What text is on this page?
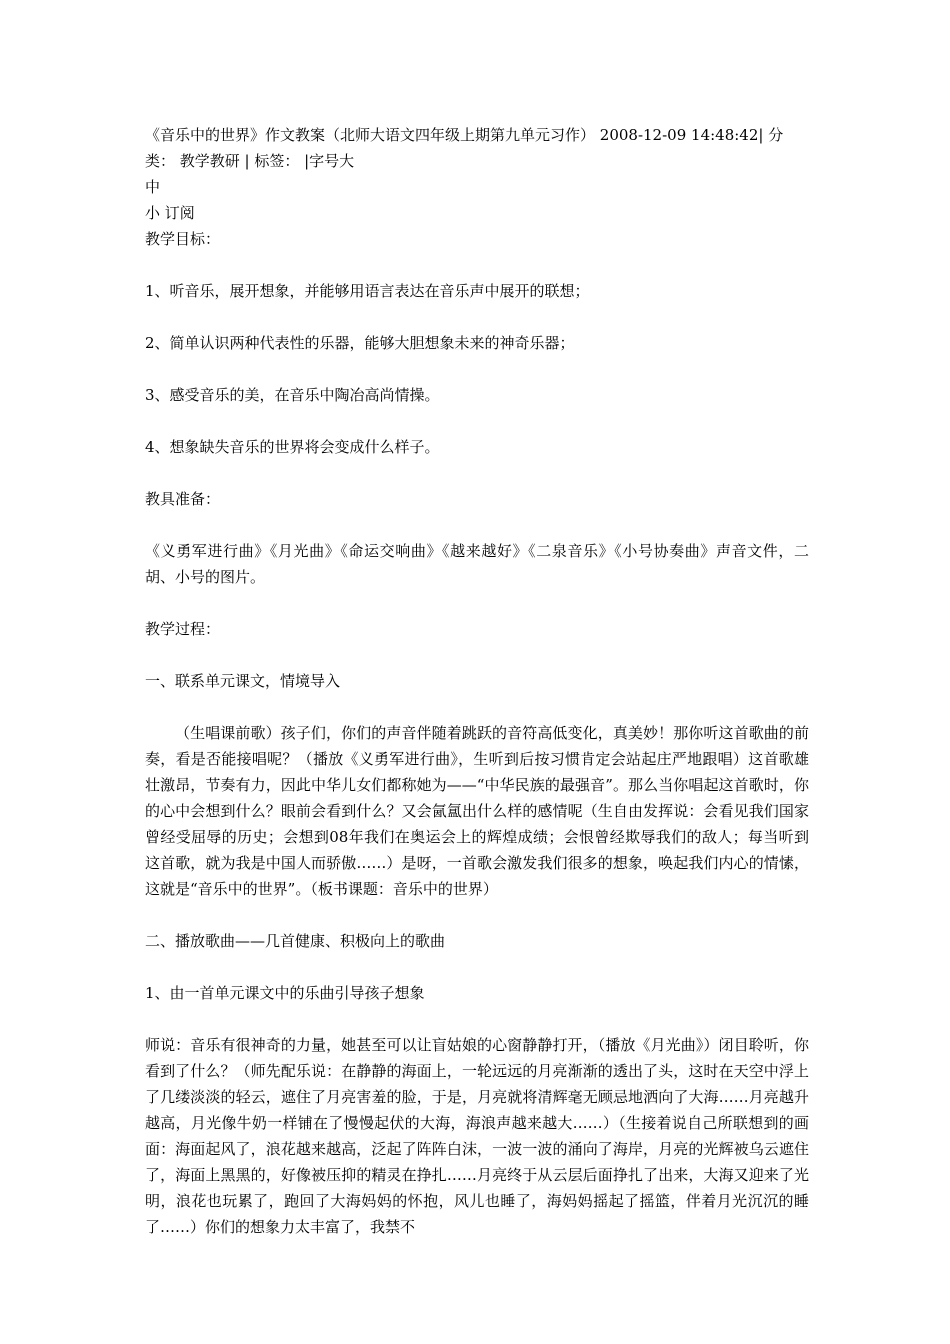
《音乐中的世界》作文教案（北师大语文四年级上期第九单元习作） 2008-12-09 14:48:42| 分
类： 教学教研 | 标签： |字号大
中
小 订阅
教学目标：
1、听音乐，展开想象，并能够用语言表达在音乐声中展开的联想；
2、简单认识两种代表性的乐器，能够大胆想象未来的神奇乐器；
3、感受音乐的美，在音乐中陶冶高尚情操。
4、想象缺失音乐的世界将会变成什么样子。
教具准备：

《义勇军进行曲》《月光曲》《命运交响曲》《越来越好》《二泉音乐》《小号协奏曲》声音文件，二胡、小号的图片。

教学过程：
一、联系单元课文，情境导入

（生唱课前歌）孩子们，你们的声音伴随着跳跃的音符高低变化，真美妙！那你听这首歌曲的前奏，看是否能接唱呢？（播放《义勇军进行曲》，生听到后按习惯肯定会站起庄严地跟唱）这首歌雄壮激昂，节奏有力，因此中华儿女们都称她为——“中华民族的最强音”。那么当你唱起这首歌时，你的心中会想到什么？眼前会看到什么？又会氤氲出什么样的感情呢（生自由发挥说：会看见我们国家曾经受屈辱的历史；会想到08年我们在奥运会上的辉煌成绩；会恨曾经欺辱我们的敌人；每当听到这首歌，就为我是中国人而骄傲……）是呀，一首歌会激发我们很多的想象，唤起我们内心的情愫，这就是“音乐中的世界”。（板书课题：音乐中的世界）

二、播放歌曲——几首健康、积极向上的歌曲
1、由一首单元课文中的乐曲引导孩子想象

师说：音乐有很神奇的力量，她甚至可以让盲姑娘的心窗静静打开，（播放《月光曲》）闭目聆听，你看到了什么？（师先配乐说：在静静的海面上，一轮远远的月亮渐渐的透出了头，这时在天空中浮上了几缕淡淡的轻云，遮住了月亮害羞的脸，于是，月亮就将清辉毫无顾忌地洒向了大海……月亮越升越高，月光像牛奶一样铺在了慢慢起伏的大海，海浪声越来越大……）（生接着说自己所联想到的画面：海面起风了，浪花越来越高，泛起了阵阵白沫，一波一波的涌向了海岸，月亮的光辉被乌云遮住了，海面上黑黑的，好像被压抑的精灵在挣扎……月亮终于从云层后面挣扎了出来，大海又迎来了光明，浪花也玩累了，跑回了大海妈妈的怀抱，风儿也睡了，海妈妈摇起了摇篮，伴着月光沉沉的睡了……）你们的想象力太丰富了，我禁不
